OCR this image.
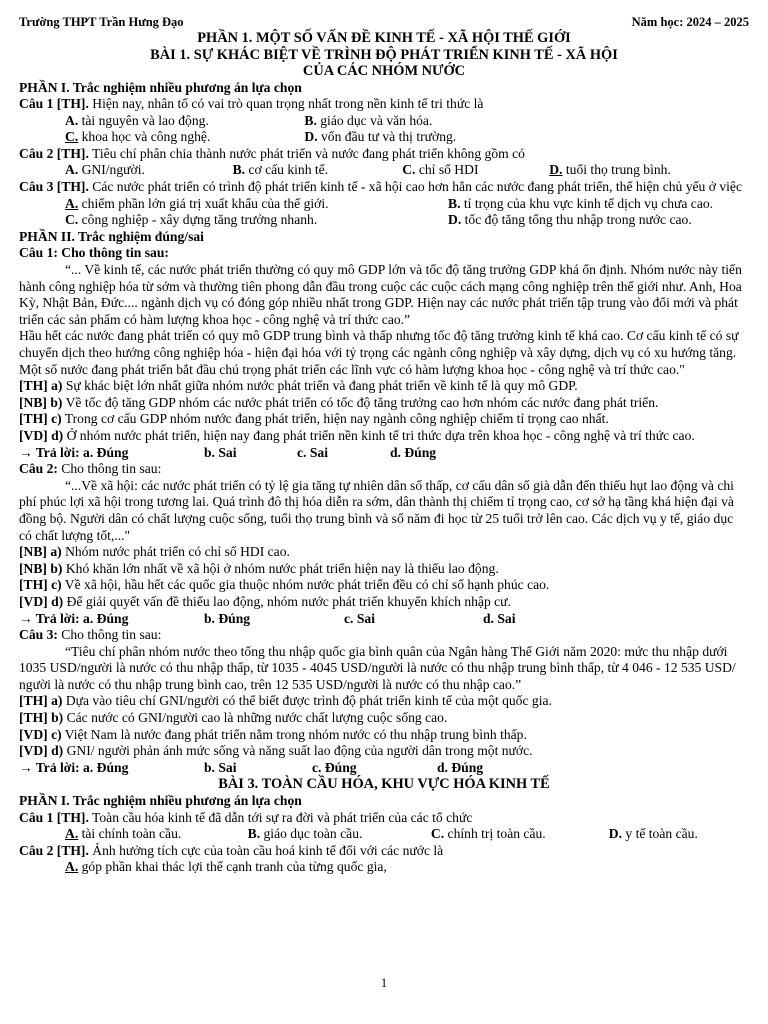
Trường THPT Trần Hưng Đạo	Năm học: 2024 – 2025
PHẦN 1. MỘT SỐ VẤN ĐỀ KINH TẾ - XÃ HỘI THẾ GIỚI
BÀI 1. SỰ KHÁC BIỆT VỀ TRÌNH ĐỘ PHÁT TRIỂN KINH TẾ - XÃ HỘI
CỦA CÁC NHÓM NƯỚC
PHẦN I. Trắc nghiệm nhiều phương án lựa chọn

Câu 1 [TH]. Hiện nay, nhân tố có vai trò quan trọng nhất trong nền kinh tế tri thức là

A. tài nguyên và lao động.	B. giáo dục và văn hóa.
C. khoa học và công nghệ.	D. vốn đầu tư và thị trường.

Câu 2 [TH]. Tiêu chí phân chia thành nước phát triển và nước đang phát triển không gồm có

A. GNI/người.	B. cơ cấu kinh tế.	C. chỉ số HDI	D. tuổi thọ trung bình.

Câu 3 [TH]. Các nước phát triển có trình độ phát triển kinh tế - xã hội cao hơn hẳn các nước đang phát triển, thể hiện chủ yếu ở việc

A. chiếm phần lớn giá trị xuất khẩu của thế giới.	B. tỉ trọng của khu vực kinh tế dịch vụ chưa cao.
C. công nghiệp - xây dựng tăng trưởng nhanh.	D. tốc độ tăng tổng thu nhập trong nước cao.
PHẦN II. Trắc nghiệm đúng/sai

Câu 1: Cho thông tin sau:

“... Về kinh tế, các nước phát triển thường có quy mô GDP lớn và tốc độ tăng trưởng GDP khá ổn định. Nhóm nước này tiến hành công nghiệp hóa từ sớm và thường tiên phong dẫn đầu trong cuộc các cuộc cách mạng công nghiệp trên thế giới như. Anh, Hoa Kỳ, Nhật Bản, Đức.... ngành dịch vụ có đóng góp nhiều nhất trong GDP. Hiện nay các nước phát triển tập trung vào đổi mới và phát triển các sản phẩm có hàm lượng khoa học - công nghệ và trí thức cao.”

Hầu hết các nước đang phát triển có quy mô GDP trung bình và thấp nhưng tốc độ tăng trưởng kinh tế khá cao. Cơ cấu kinh tế có sự chuyển dịch theo hướng công nghiệp hóa - hiện đại hóa với tỷ trọng các ngành công nghiệp và xây dựng, dịch vụ có xu hướng tăng. Một số nước đang phát triển bắt đầu chú trọng phát triển các lĩnh vực có hàm lượng khoa học - công nghệ và trí thức cao."

[TH] a) Sự khác biệt lớn nhất giữa nhóm nước phát triển và đang phát triển về kinh tế là quy mô GDP.

[NB] b) Về tốc độ tăng GDP nhóm các nước phát triển có tốc độ tăng trưởng cao hơn nhóm các nước đang phát triển.

[TH] c) Trong cơ cấu GDP nhóm nước đang phát triển, hiện nay ngành công nghiệp chiếm tỉ trọng cao nhất.

[VD] d) Ở nhóm nước phát triển, hiện nay đang phát triển nền kinh tế tri thức dựa trên khoa học - công nghệ và trí thức cao.

→ Trả lời: a. Đúng	b. Sai	c. Sai	d. Đúng

Câu 2: Cho thông tin sau:

“...Về xã hội: các nước phát triển có tỷ lệ gia tăng tự nhiên dân số thấp, cơ cấu dân số già dẫn đến thiếu hụt lao động và chi phí phúc lợi xã hội trong tương lai. Quá trình đô thị hóa diễn ra sớm, dân thành thị chiếm tỉ trọng cao, cơ sở hạ tầng khá hiện đại và đồng bộ. Người dân có chất lượng cuộc sống, tuổi thọ trung bình và số năm đi học từ 25 tuổi trở lên cao. Các dịch vụ y tế, giáo dục có chất lượng tốt,..."

[NB] a) Nhóm nước phát triển có chỉ số HDI cao.

[NB] b) Khó khăn lớn nhất về xã hội ở nhóm nước phát triển hiện nay là thiếu lao động.

[TH] c) Về xã hội, hầu hết các quốc gia thuộc nhóm nước phát triển đều có chỉ số hạnh phúc cao.

[VD] d) Để giải quyết vấn đề thiếu lao động, nhóm nước phát triển khuyến khích nhập cư.

→ Trả lời: a. Đúng	b. Đúng	c. Sai	d. Sai

Câu 3: Cho thông tin sau:

“Tiêu chí phân nhóm nước theo tổng thu nhập quốc gia bình quân của Ngân hàng Thế Giới năm 2020: mức thu nhập dưới 1035 USD/người là nước có thu nhập thấp, từ 1035 - 4045 USD/người là nước có thu nhập trung bình thấp, từ 4 046 - 12 535 USD/ người là nước có thu nhập trung bình cao, trên 12 535 USD/người là nước có thu nhập cao.”

[TH] a) Dựa vào tiêu chí GNI/người có thể biết được trình độ phát triển kinh tế của một quốc gia.

[TH] b) Các nước có GNI/người cao là những nước chất lượng cuộc sống cao.

[VD] c) Việt Nam là nước đang phát triển nằm trong nhóm nước có thu nhập trung bình thấp.

[VD] d) GNI/ người phản ánh mức sống và năng suất lao động của người dân trong một nước.

→ Trả lời: a. Đúng	b. Sai	c. Đúng	d. Đúng
BÀI 3. TOÀN CẦU HÓA, KHU VỰC HÓA KINH TẾ
PHẦN I. Trắc nghiệm nhiều phương án lựa chọn

Câu 1 [TH]. Toàn cầu hóa kinh tế đã dẫn tới sự ra đời và phát triển của các tổ chức

A. tài chính toàn cầu.	B. giáo dục toàn cầu.	C. chính trị toàn cầu.	D. y tế toàn cầu.

Câu 2 [TH]. Ảnh hưởng tích cực của toàn cầu hoá kinh tế đối với các nước là

A. góp phần khai thác lợi thế cạnh tranh của từng quốc gia,
1
